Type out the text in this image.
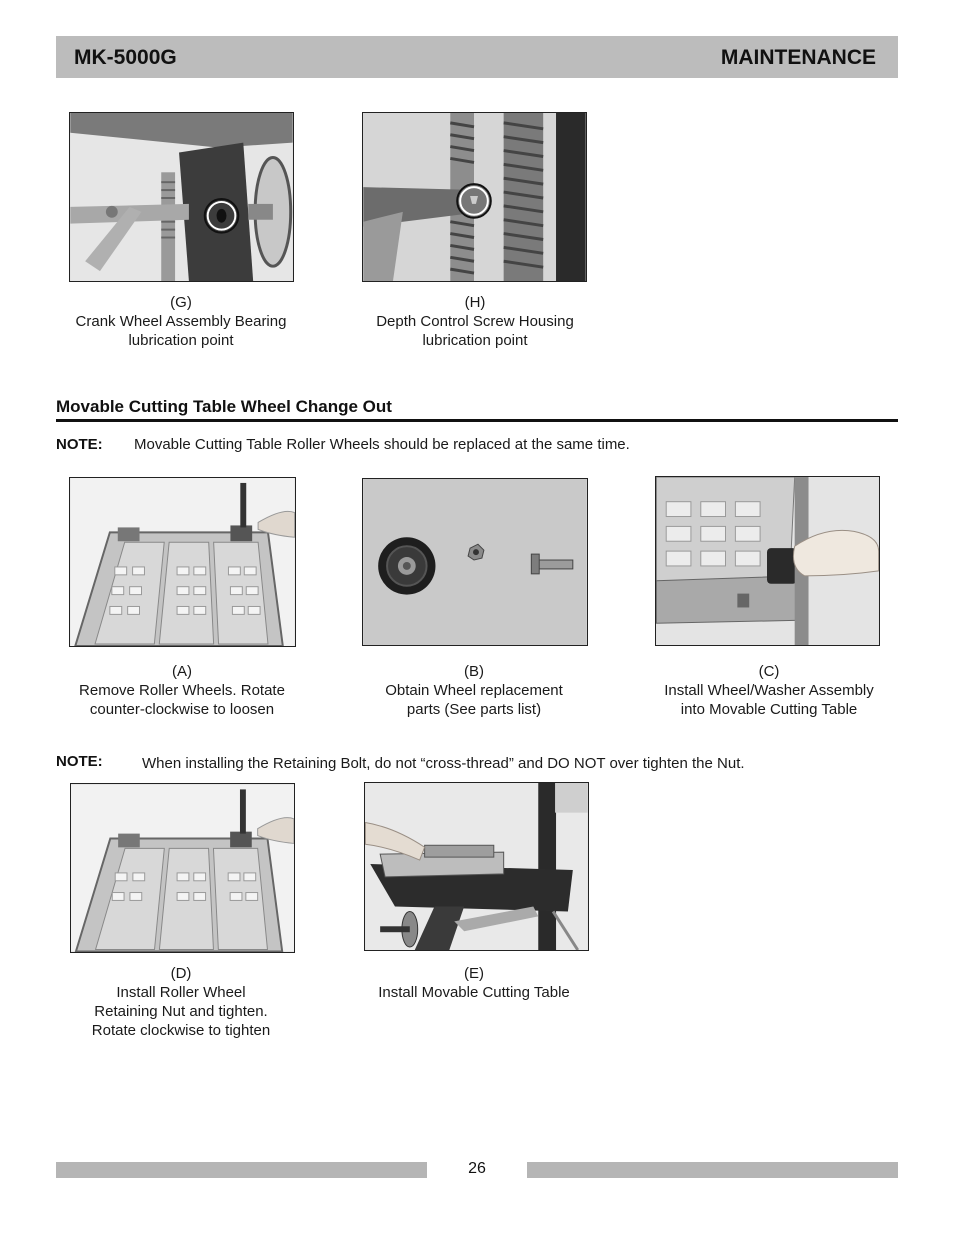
MK-5000G	MAINTENANCE
(G)
Crank Wheel Assembly Bearing
lubrication point
(H)
Depth Control Screw Housing
lubrication point
Movable Cutting Table Wheel Change Out
NOTE: Movable Cutting Table Roller Wheels should be replaced at the same time.
(A)
Remove Roller Wheels. Rotate
counter-clockwise to loosen
(B)
Obtain Wheel replacement
parts (See parts list)
(C)
Install Wheel/Washer Assembly
into Movable Cutting Table
NOTE:	When installing the Retaining Bolt, do not “cross-thread” and DO NOT over tighten the Nut.
(D)
Install Roller Wheel
Retaining Nut and tighten.
Rotate clockwise to tighten
(E)
Install Movable Cutting Table
26
